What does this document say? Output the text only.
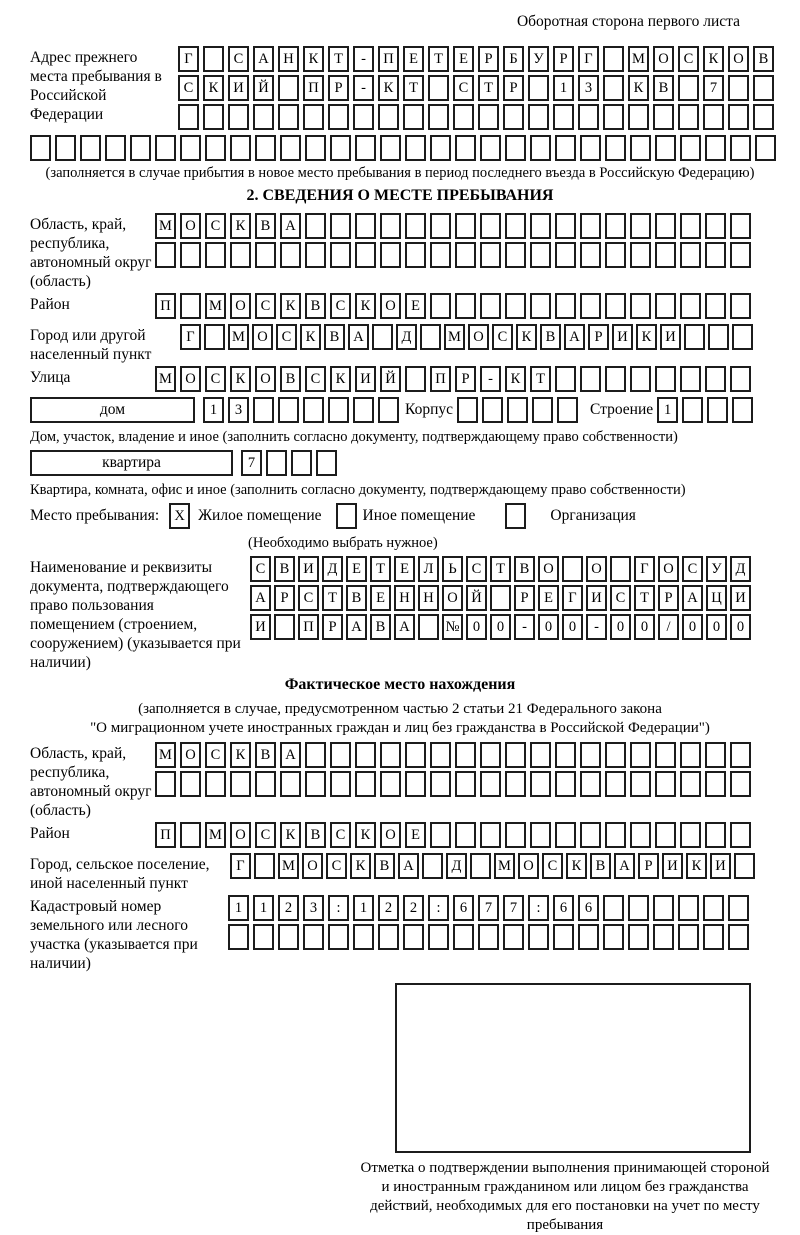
Оборотная сторона первого листа
Адрес прежнего места пребывания в Российской Федерации
Г	С	А	Н	К	Т	-	П	Е	Т	Е	Р	Б	У	Р	Г	М О	С	К	О	В
С	К	И	Й	П	Р	-	К	Т	С	Т	Р	1	3	К	В	7
(заполняется в случае прибытия в новое место пребывания в период последнего въезда в Российскую Федерацию)
2. СВЕДЕНИЯ О МЕСТЕ ПРЕБЫВАНИЯ
Область, край, республика, автономный округ (область)
М О	С	К	В	А
Район	П	М О	С	К	В	С	К	О	Е
Город или другой населенный пункт
Г	М О С К В А	Д	М О С К В А	Р	И К И
Улица	М О	С	К	О	В	С	К	И	Й	П	Р	-	К	Т
дом	1	3	Корпус	Строение 1
Дом, участок, владение и иное (заполнить согласно документу, подтверждающему право собственности)
квартира	7
Квартира, комната, офис и иное (заполнить согласно документу, подтверждающему право собственности)
Место пребывания:	X Жилое помещение	Иное помещение	Организация
(Необходимо выбрать нужное)
Наименование и реквизиты документа, подтверждающего право пользования помещением (строением, сооружением) (указывается при наличии)
С В И Д	Е	Т	Е	Л	Ь	С	Т	В О	О	Г	О С У Д
А	Р	С	Т	В	Е Н Н О Й	Р	Е	Г	И С	Т	Р	А Ц И
И	П	Р	А В А	№ 0	0	-	0	0	-	0	0	/	0	0	0
Фактическое место нахождения
(заполняется в случае, предусмотренном частью 2 статьи 21 Федерального закона
"О миграционном учете иностранных граждан и лиц без гражданства в Российской Федерации")
Область, край, республика, автономный округ (область)
М О	С	К	В	А
Район	П	М О	С	К	В	С	К	О	Е
Город, сельское поселение, иной населенный пункт
Г	М О С К В А	Д	М О С К В А	Р	И К И
Кадастровый номер земельного или лесного участка (указывается при наличии)
1	1	2	3	:	1	2	2	:	6	7	7	:	6	6
Отметка о подтверждении выполнения принимающей стороной и иностранным гражданином или лицом без гражданства действий, необходимых для его постановки на учет по месту пребывания
